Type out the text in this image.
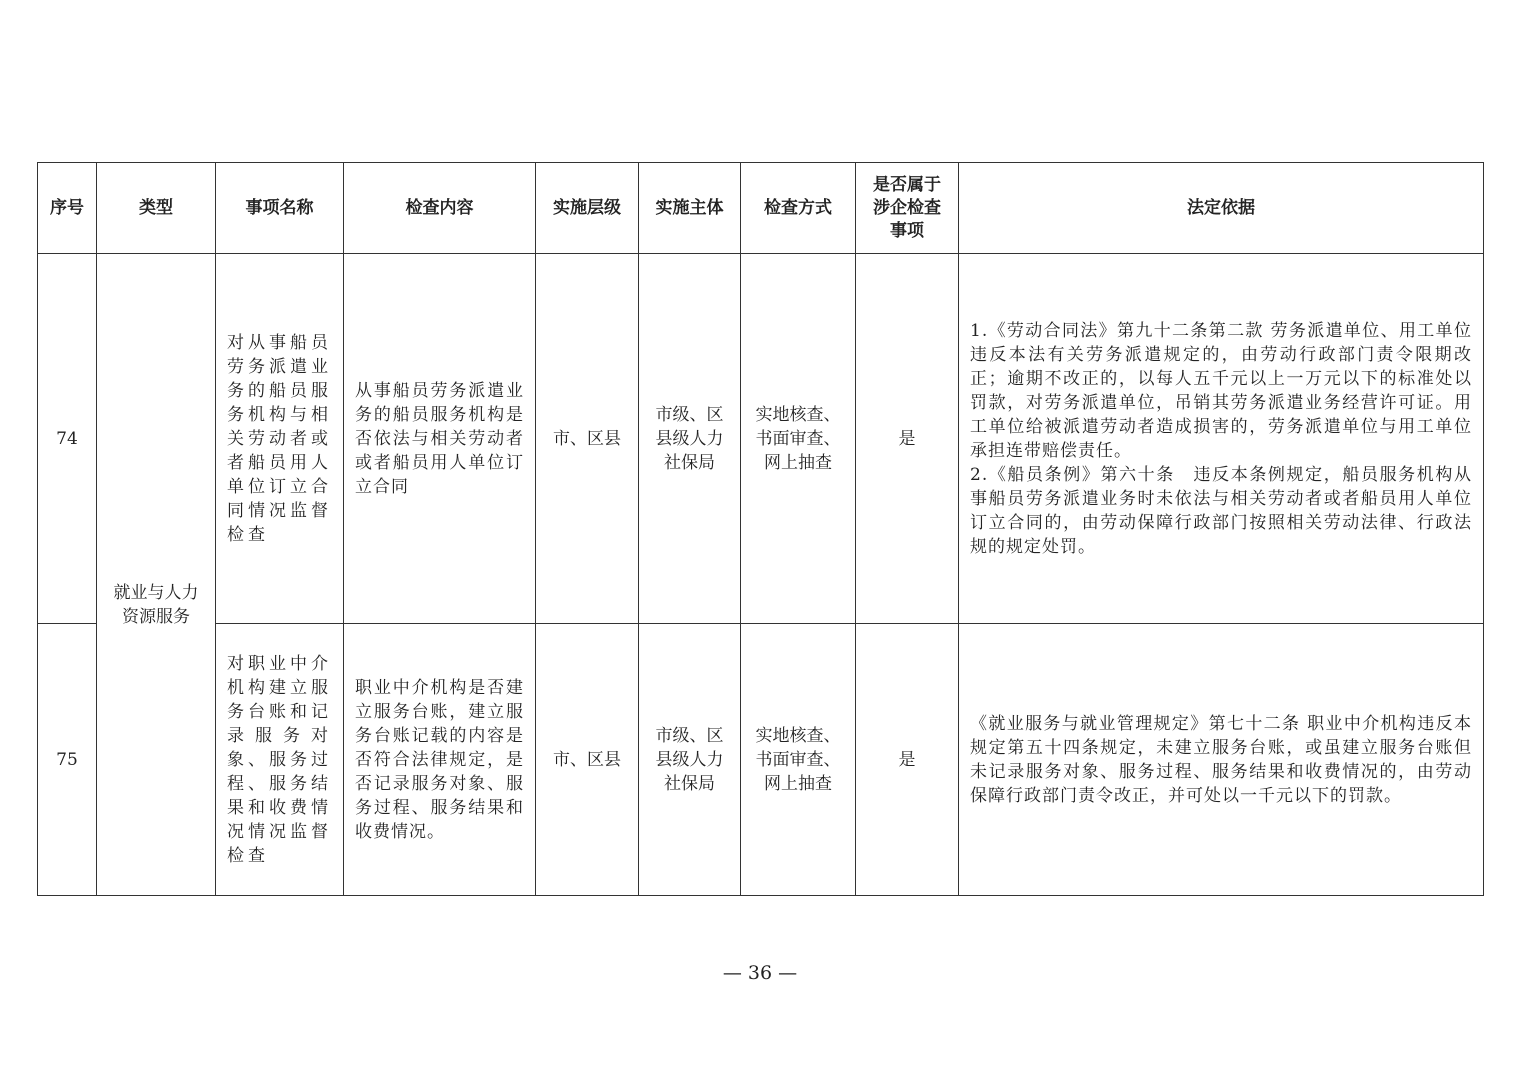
序号	类型	事项名称	检查内容	实施层级	实施主体	检查方式	是否属于涉企检查事项	法定依据
74	就业与人力资源服务	对从事船员劳务派遣业务的船员服务机构与相关劳动者或者船员用人单位订立合同情况监督检查	从事船员劳务派遣业务的船员服务机构是否依法与相关劳动者或者船员用人单位订立合同	市、区县	市级、区县级人力社保局	实地核查、书面审查、网上抽查	是	1.《劳动合同法》第九十二条第二款 劳务派遣单位、用工单位违反本法有关劳务派遣规定的，由劳动行政部门责令限期改正；逾期不改正的，以每人五千元以上一万元以下的标准处以罚款，对劳务派遣单位，吊销其劳务派遣业务经营许可证。用工单位给被派遣劳动者造成损害的，劳务派遣单位与用工单位承担连带赔偿责任。

2.《船员条例》第六十条　违反本条例规定，船员服务机构从事船员劳务派遣业务时未依法与相关劳动者或者船员用人单位订立合同的，由劳动保障行政部门按照相关劳动法律、行政法规的规定处罚。

75		对职业中介机构建立服务台账和记录服务对象、服务过程、服务结果和收费情况情况监督检查	职业中介机构是否建立服务台账，建立服务台账记载的内容是否符合法律规定，是否记录服务对象、服务过程、服务结果和收费情况。	市、区县	市级、区县级人力社保局	实地核查、书面审查、网上抽查	是	《就业服务与就业管理规定》第七十二条 职业中介机构违反本规定第五十四条规定，未建立服务台账，或虽建立服务台账但未记录服务对象、服务过程、服务结果和收费情况的，由劳动保障行政部门责令改正，并可处以一千元以下的罚款。

— 36 —
